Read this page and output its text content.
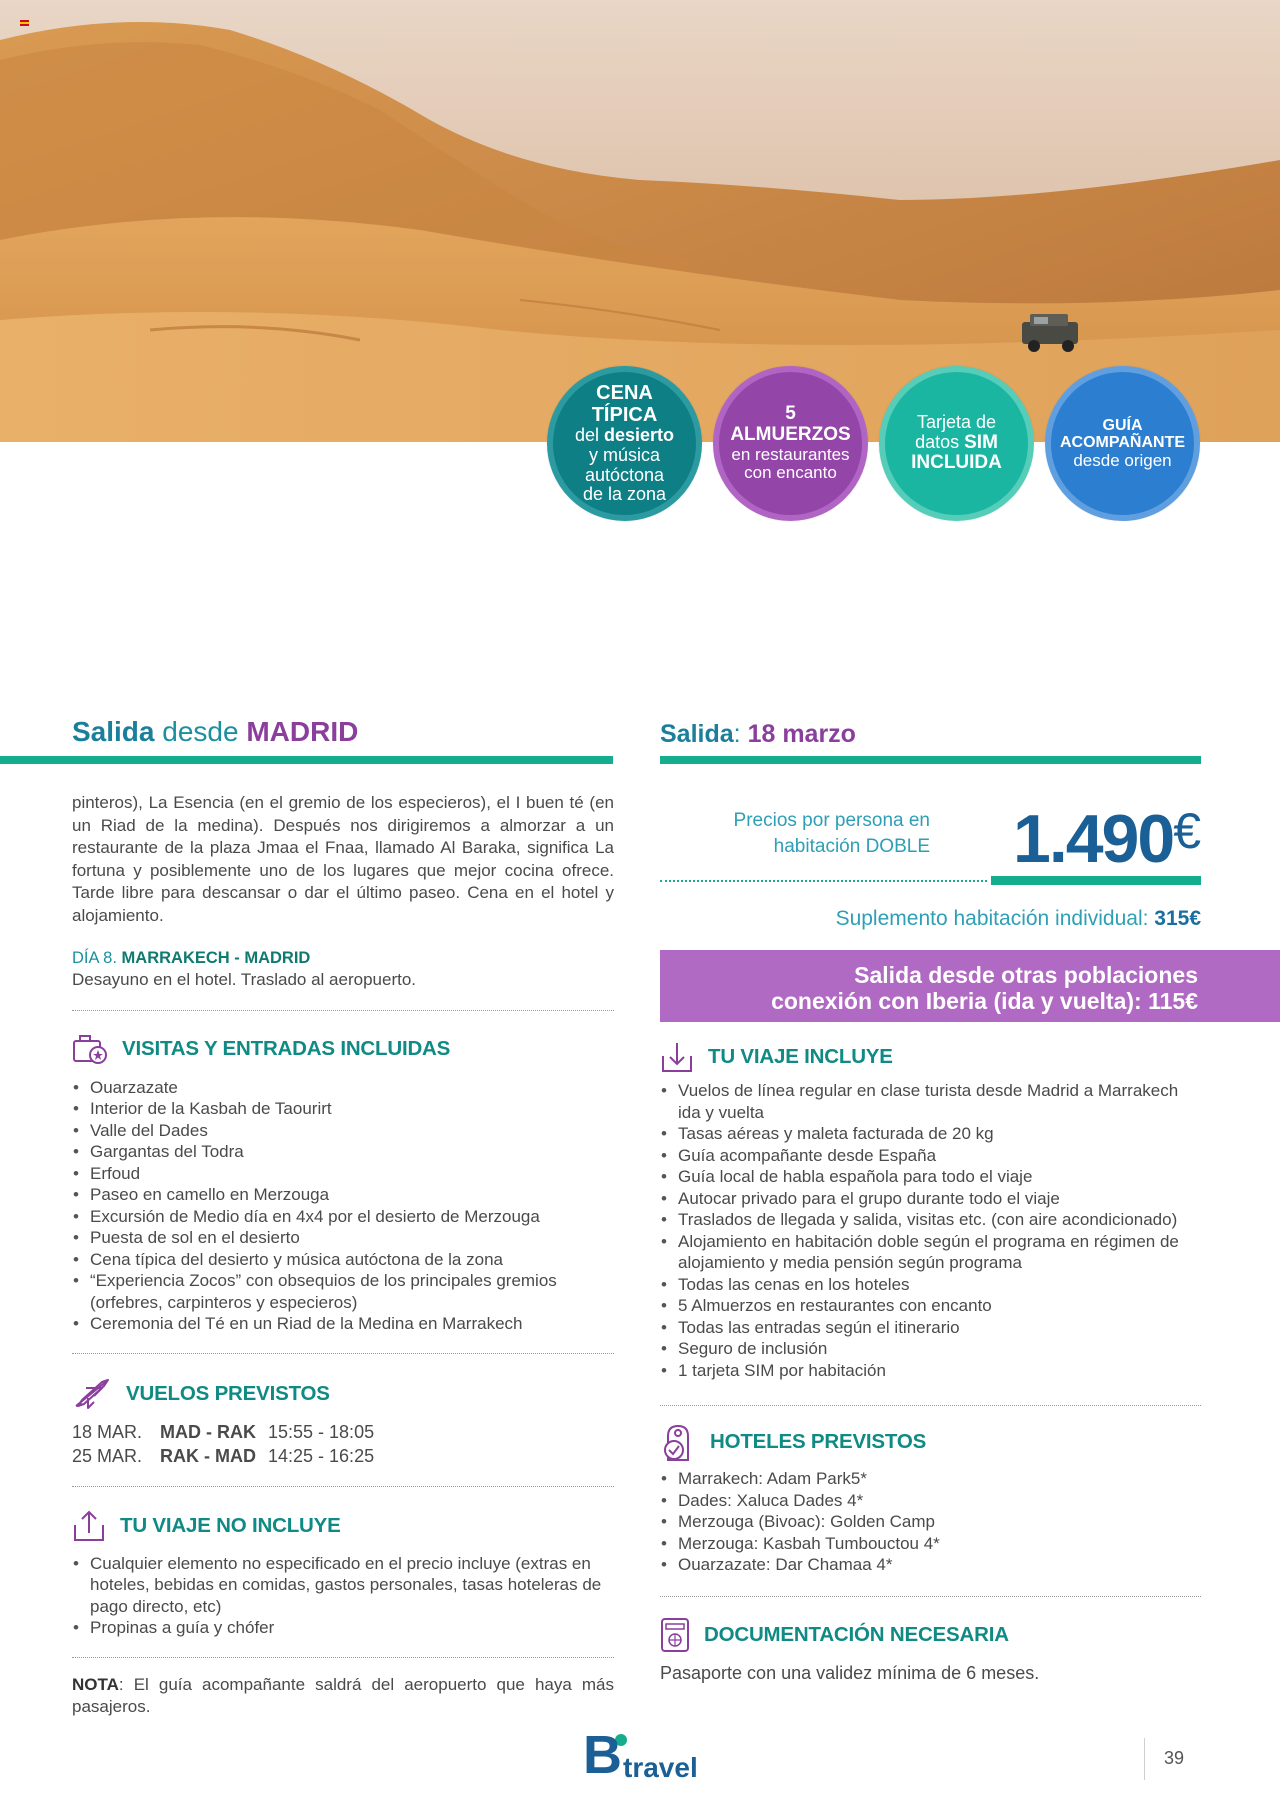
CENA
TÍPICA
del desierto
y música
autóctona
de la zona
5
ALMUERZOS
en restaurantes
con encanto
Tarjeta de
datos SIM
INCLUIDA
GUÍA
ACOMPAÑANTE
desde origen
Salida desde MADRID

pinteros), La Esencia (en el gremio de los especieros), el I buen té (en un Riad de la medina). Después nos dirigiremos a almorzar a un restaurante de la plaza Jmaa el Fnaa, llamado Al Baraka, significa La fortuna y posiblemente uno de los lugares que mejor cocina ofrece. Tarde libre para descansar o dar el último paseo. Cena en el hotel y alojamiento.

DÍA 8. MARRAKECH - MADRID

Desayuno en el hotel. Traslado al aeropuerto.

VISITAS Y ENTRADAS INCLUIDAS
• Ouarzazate
• Interior de la Kasbah de Taourirt
• Valle del Dades
• Gargantas del Todra
• Erfoud
• Paseo en camello en Merzouga
• Excursión de Medio día en 4x4 por el desierto de Merzouga
• Puesta de sol en el desierto
• Cena típica del desierto y música autóctona de la zona
• “Experiencia Zocos” con obsequios de los principales gremios (orfebres, carpinteros y especieros)
• Ceremonia del Té en un Riad de la Medina en Marrakech
VUELOS PREVISTOS
18 MAR. MAD - RAK 15:55 - 18:05
25 MAR. RAK - MAD 14:25 - 16:25
TU VIAJE NO INCLUYE
• Cualquier elemento no especificado en el precio incluye (extras en hoteles, bebidas en comidas, gastos personales, tasas hoteleras de pago directo, etc)
• Propinas a guía y chófer

NOTA: El guía acompañante saldrá del aeropuerto que haya más pasajeros.

Salida: 18 marzo
Precios por persona en
habitación DOBLE 1.490€
Suplemento habitación individual: 315€
Salida desde otras poblaciones
conexión con Iberia (ida y vuelta): 115€
TU VIAJE INCLUYE
• Vuelos de línea regular en clase turista desde Madrid a Marrakech ida y vuelta
• Tasas aéreas y maleta facturada de 20 kg
• Guía acompañante desde España
• Guía local de habla española para todo el viaje
• Autocar privado para el grupo durante todo el viaje
• Traslados de llegada y salida, visitas etc. (con aire acondicionado)
• Alojamiento en habitación doble según el programa en régimen de alojamiento y media pensión según programa
• Todas las cenas en los hoteles
• 5 Almuerzos en restaurantes con encanto
• Todas las entradas según el itinerario
• Seguro de inclusión
• 1 tarjeta SIM por habitación
HOTELES PREVISTOS
• Marrakech: Adam Park5*
• Dades: Xaluca Dades 4*
• Merzouga (Bivoac): Golden Camp
• Merzouga: Kasbah Tumbouctou 4*
• Ouarzazate: Dar Chamaa 4*
DOCUMENTACIÓN NECESARIA

Pasaporte con una validez mínima de 6 meses.

B travel	39
